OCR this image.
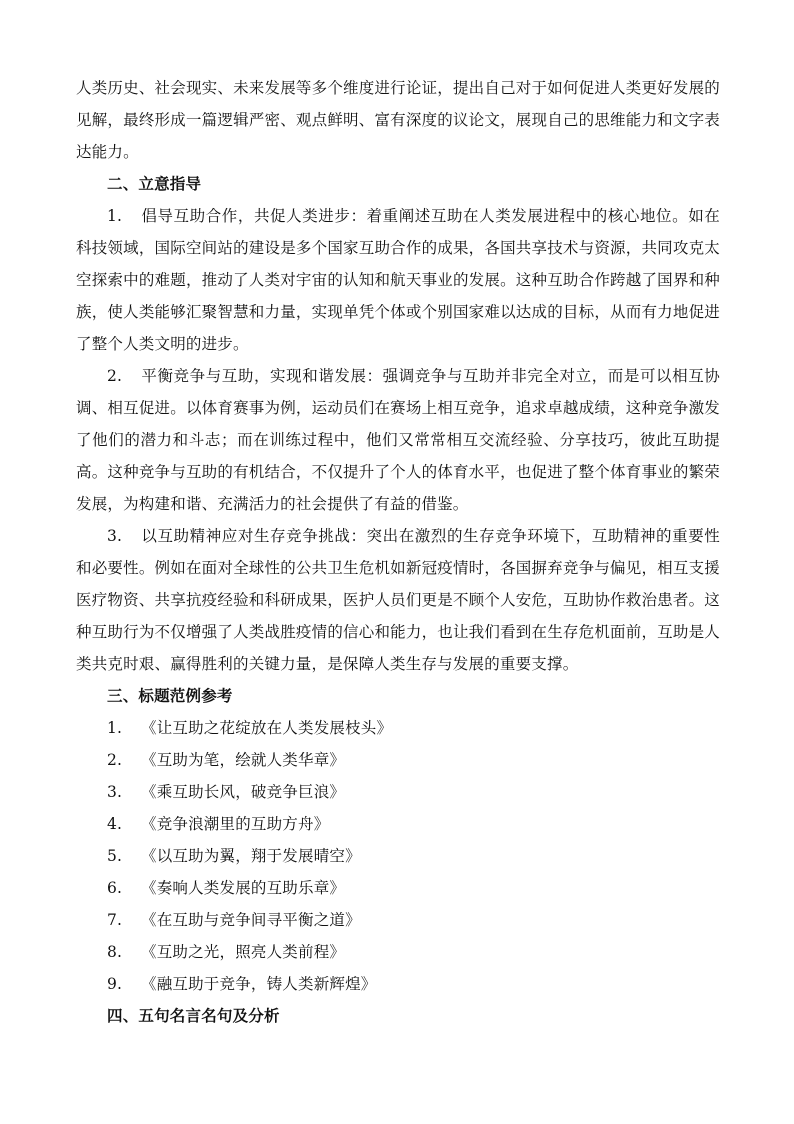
人类历史、社会现实、未来发展等多个维度进行论证，提出自己对于如何促进人类更好发展的见解，最终形成一篇逻辑严密、观点鲜明、富有深度的议论文，展现自己的思维能力和文字表达能力。

二、立意指导

1. 倡导互助合作，共促人类进步：着重阐述互助在人类发展进程中的核心地位。如在科技领域，国际空间站的建设是多个国家互助合作的成果，各国共享技术与资源，共同攻克太空探索中的难题，推动了人类对宇宙的认知和航天事业的发展。这种互助合作跨越了国界和种族，使人类能够汇聚智慧和力量，实现单凭个体或个别国家难以达成的目标，从而有力地促进了整个人类文明的进步。

2. 平衡竞争与互助，实现和谐发展：强调竞争与互助并非完全对立，而是可以相互协调、相互促进。以体育赛事为例，运动员们在赛场上相互竞争，追求卓越成绩，这种竞争激发了他们的潜力和斗志；而在训练过程中，他们又常常相互交流经验、分享技巧，彼此互助提高。这种竞争与互助的有机结合，不仅提升了个人的体育水平，也促进了整个体育事业的繁荣发展，为构建和谐、充满活力的社会提供了有益的借鉴。

3. 以互助精神应对生存竞争挑战：突出在激烈的生存竞争环境下，互助精神的重要性和必要性。例如在面对全球性的公共卫生危机如新冠疫情时，各国摒弃竞争与偏见，相互支援医疗物资、共享抗疫经验和科研成果，医护人员们更是不顾个人安危，互助协作救治患者。这种互助行为不仅增强了人类战胜疫情的信心和能力，也让我们看到在生存危机面前，互助是人类共克时艰、赢得胜利的关键力量，是保障人类生存与发展的重要支撑。

三、标题范例参考
1. 《让互助之花绽放在人类发展枝头》
2. 《互助为笔，绘就人类华章》
3. 《乘互助长风，破竞争巨浪》
4. 《竞争浪潮里的互助方舟》
5. 《以互助为翼，翔于发展晴空》
6. 《奏响人类发展的互助乐章》
7. 《在互助与竞争间寻平衡之道》
8. 《互助之光，照亮人类前程》
9. 《融互助于竞争，铸人类新辉煌》
四、五句名言名句及分析
